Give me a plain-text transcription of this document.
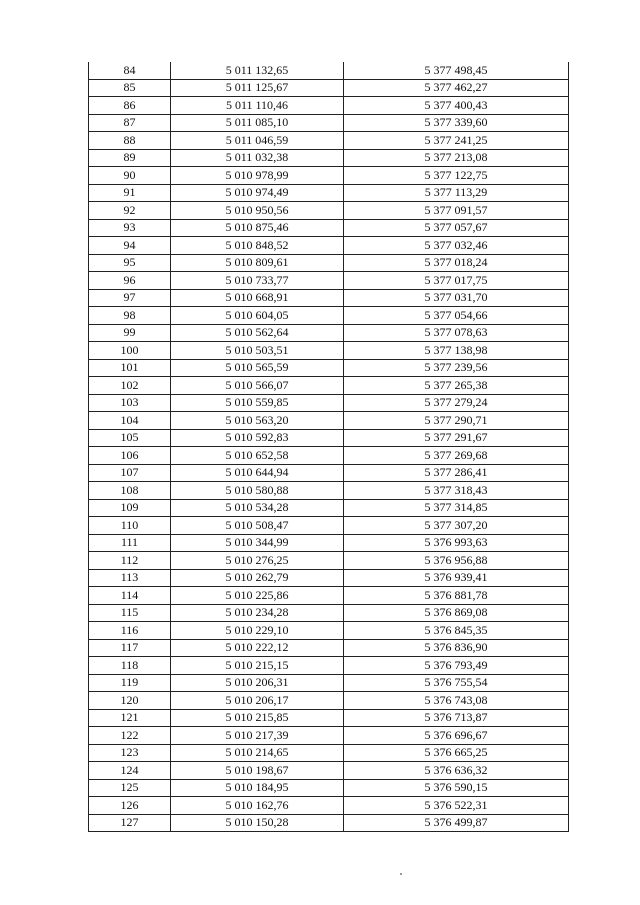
84	5 011 132,65	5 377 498,45
85	5 011 125,67	5 377 462,27
86	5 011 110,46	5 377 400,43
87	5 011 085,10	5 377 339,60
88	5 011 046,59	5 377 241,25
89	5 011 032,38	5 377 213,08
90	5 010 978,99	5 377 122,75
91	5 010 974,49	5 377 113,29
92	5 010 950,56	5 377 091,57
93	5 010 875,46	5 377 057,67
94	5 010 848,52	5 377 032,46
95	5 010 809,61	5 377 018,24
96	5 010 733,77	5 377 017,75
97	5 010 668,91	5 377 031,70
98	5 010 604,05	5 377 054,66
99	5 010 562,64	5 377 078,63
100	5 010 503,51	5 377 138,98
101	5 010 565,59	5 377 239,56
102	5 010 566,07	5 377 265,38
103	5 010 559,85	5 377 279,24
104	5 010 563,20	5 377 290,71
105	5 010 592,83	5 377 291,67
106	5 010 652,58	5 377 269,68
107	5 010 644,94	5 377 286,41
108	5 010 580,88	5 377 318,43
109	5 010 534,28	5 377 314,85
110	5 010 508,47	5 377 307,20
111	5 010 344,99	5 376 993,63
112	5 010 276,25	5 376 956,88
113	5 010 262,79	5 376 939,41
114	5 010 225,86	5 376 881,78
115	5 010 234,28	5 376 869,08
116	5 010 229,10	5 376 845,35
117	5 010 222,12	5 376 836,90
118	5 010 215,15	5 376 793,49
119	5 010 206,31	5 376 755,54
120	5 010 206,17	5 376 743,08
121	5 010 215,85	5 376 713,87
122	5 010 217,39	5 376 696,67
123	5 010 214,65	5 376 665,25
124	5 010 198,67	5 376 636,32
125	5 010 184,95	5 376 590,15
126	5 010 162,76	5 376 522,31
127	5 010 150,28	5 376 499,87
